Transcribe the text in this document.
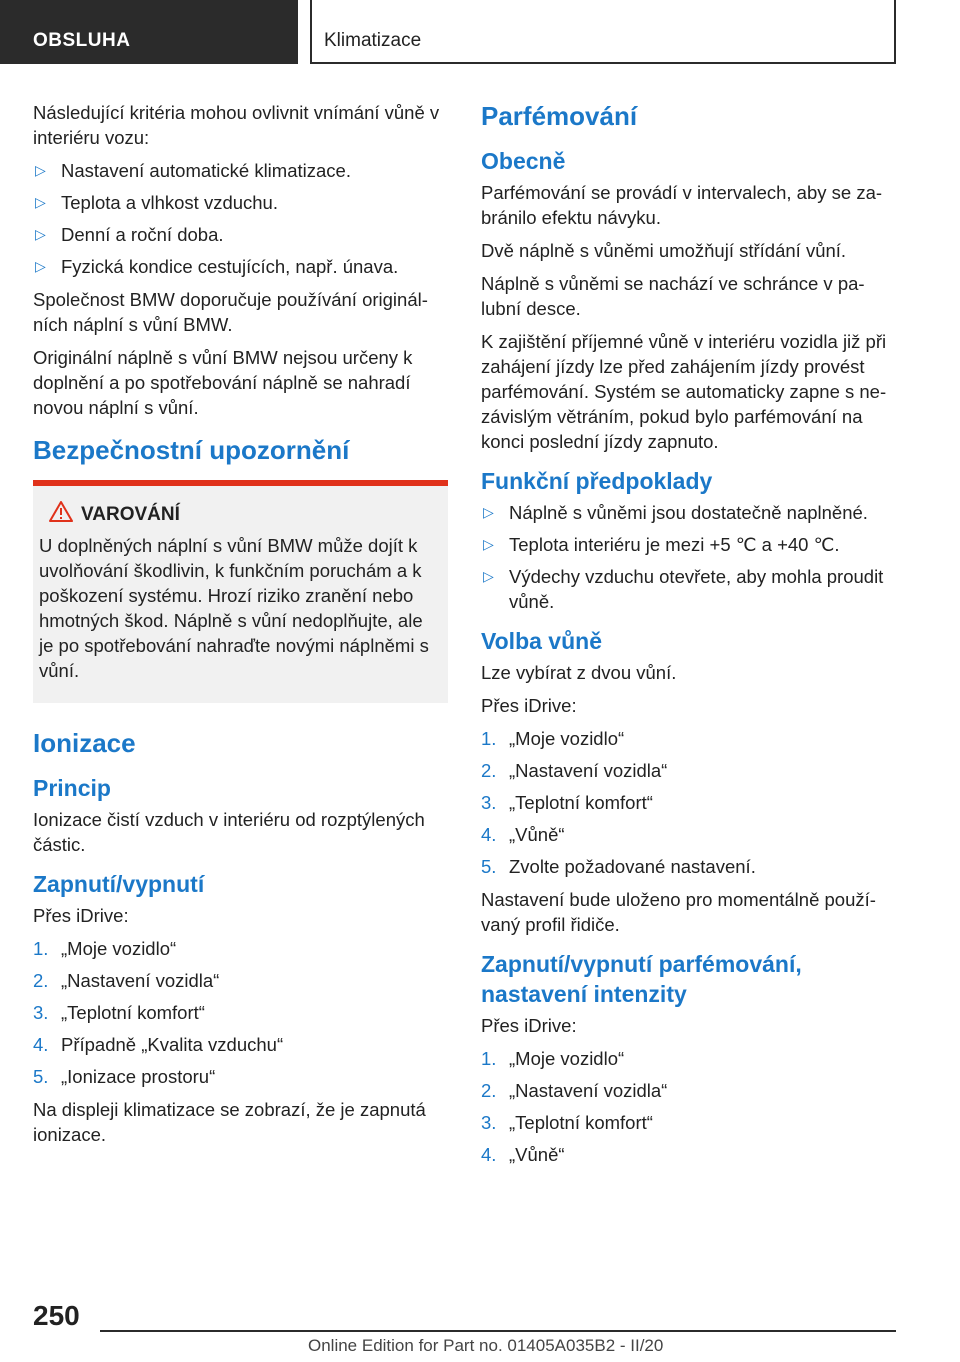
OBSLUHA	Klimatizace

Následující kritéria mohou ovlivnit vnímání vůně v interiéru vozu:

▷ Nastavení automatické klimatizace.
▷ Teplota a vlhkost vzduchu.
▷ Denní a roční doba.
▷ Fyzická kondice cestujících, např. únava.

Společnost BMW doporučuje používání originálních náplní s vůní BMW.

Originální náplně s vůní BMW nejsou určeny k doplnění a po spotřebování náplně se nahradí novou náplní s vůní.

Bezpečnostní upozornění
VAROVÁNÍ
U doplněných náplní s vůní BMW může dojít k uvolňování škodlivin, k funkčním poruchám a k poškození systému. Hrozí riziko zranění nebo hmotných škod. Náplně s vůní nedoplňujte, ale je po spotřebování nahraďte novými náplněmi s vůní.
Ionizace
Princip

Ionizace čistí vzduch v interiéru od rozptýlených částic.

Zapnutí/vypnutí

Přes iDrive:

1. „Moje vozidlo“
2. „Nastavení vozidla“
3. „Teplotní komfort“
4. Případně „Kvalita vzduchu“
5. „Ionizace prostoru“

Na displeji klimatizace se zobrazí, že je zapnutá ionizace.

Parfémování
Obecně

Parfémování se provádí v intervalech, aby se zabránilo efektu návyku.

Dvě náplně s vůněmi umožňují střídání vůní.

Náplně s vůněmi se nachází ve schránce v palubní desce.

K zajištění příjemné vůně v interiéru vozidla již při zahájení jízdy lze před zahájením jízdy provést parfémování. Systém se automaticky zapne s nezávislým větráním, pokud bylo parfémování na konci poslední jízdy zapnuto.

Funkční předpoklady
▷ Náplně s vůněmi jsou dostatečně naplněné.
▷ Teplota interiéru je mezi +5 ℃ a +40 ℃.
▷ Výdechy vzduchu otevřete, aby mohla proudit vůně.
Volba vůně

Lze vybírat z dvou vůní.

Přes iDrive:

1. „Moje vozidlo“
2. „Nastavení vozidla“
3. „Teplotní komfort“
4. „Vůně“
5. Zvolte požadované nastavení.

Nastavení bude uloženo pro momentálně používaný profil řidiče.

Zapnutí/vypnutí parfémování, nastavení intenzity

Přes iDrive:

1. „Moje vozidlo“
2. „Nastavení vozidla“
3. „Teplotní komfort“
4. „Vůně“
250
Online Edition for Part no. 01405A035B2 - II/20
